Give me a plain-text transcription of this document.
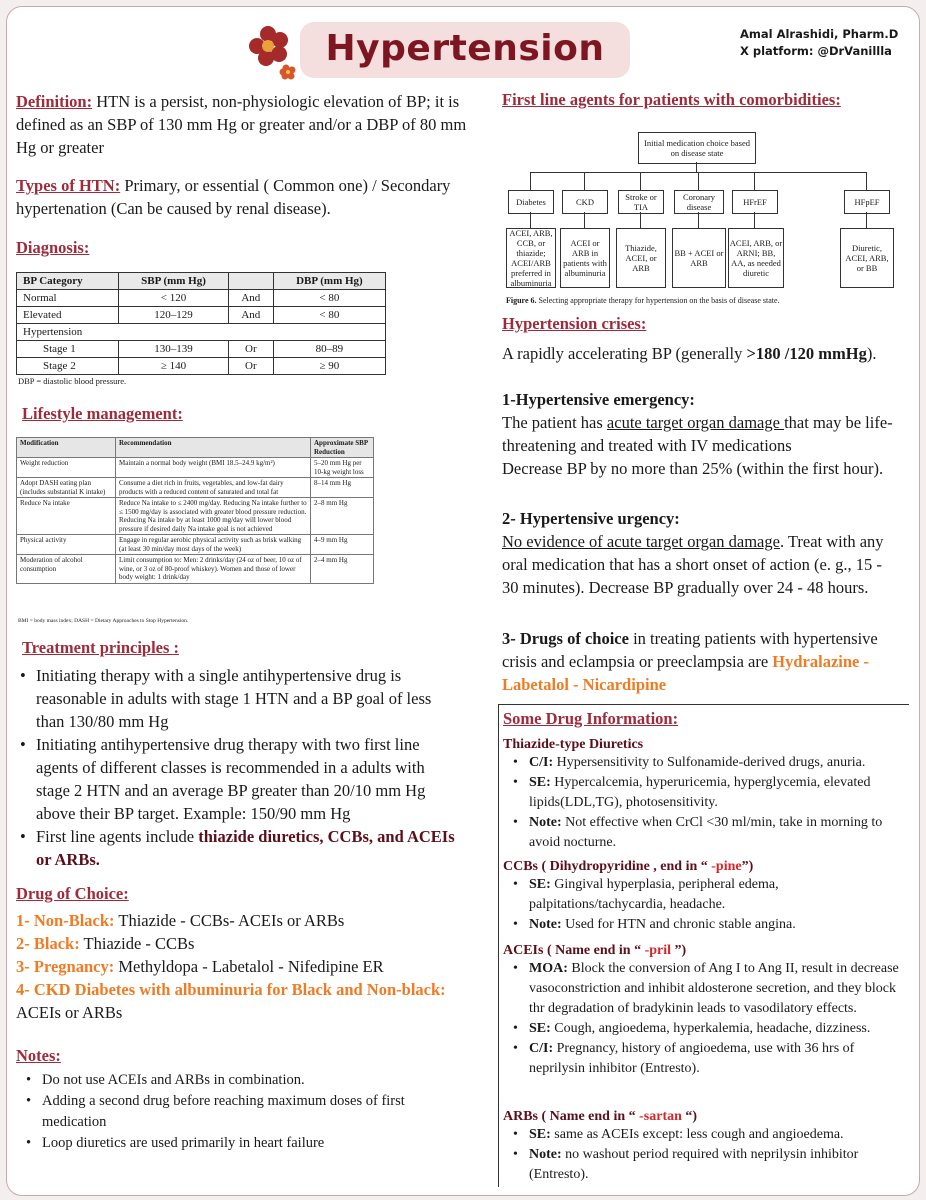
Hypertension	Amal Alrashidi, Pharm.D
X platform: @DrVanillla
Definition: HTN is a persist, non-physiologic elevation of BP; it is defined as an SBP of 130 mm Hg or greater and/or a DBP of 80 mm Hg or greater
Types of HTN: Primary, or essential ( Common one) / Secondary hypertenation (Can be caused by renal disease).
Diagnosis:
BP Category	SBP (mm Hg)		DBP (mm Hg)
Normal	< 120	And	< 80
Elevated	120–129	And	< 80
Hypertension			
Stage 1	130–139	Or	80–89
Stage 2	≥ 140	Or	≥ 90
DBP = diastolic blood pressure.
Lifestyle management:
Modification	Recommendation	Approximate SBP Reduction
Weight reduction	Maintain a normal body weight (BMI 18.5–24.9 kg/m²)	5–20 mm Hg per 10-kg weight loss
Adopt DASH eating plan (includes substantial K intake)	Consume a diet rich in fruits, vegetables, and low-fat dairy products with a reduced content of saturated and total fat	8–14 mm Hg
Reduce Na intake	Reduce Na intake to ≤ 2400 mg/day. Reducing Na intake further to ≤ 1500 mg/day is associated with greater blood pressure reduction. Reducing Na intake by at least 1000 mg/day will lower blood pressure if desired daily Na intake goal is not achieved	2–8 mm Hg
Physical activity	Engage in regular aerobic physical activity such as brisk walking (at least 30 min/day most days of the week)	4–9 mm Hg
Moderation of alcohol consumption	Limit consumption to: Men: 2 drinks/day (24 oz of beer, 10 oz of wine, or 3 oz of 80-proof whiskey). Women and those of lower body weight: 1 drink/day	2–4 mm Hg
BMI = body mass index; DASH = Dietary Approaches to Stop Hypertension.
Treatment principles :
• Initiating therapy with a single antihypertensive drug is reasonable in adults with stage 1 HTN and a BP goal of less than 130/80 mm Hg
• Initiating antihypertensive drug therapy with two first line agents of different classes is recommended in a adults with stage 2 HTN and an average BP greater than 20/10 mm Hg above their BP target. Example: 150/90 mm Hg
• First line agents include thiazide diuretics, CCBs, and ACEIs or ARBs.
Drug of Choice:
1- Non-Black: Thiazide - CCBs- ACEIs or ARBs
2- Black: Thiazide - CCBs
3- Pregnancy: Methyldopa - Labetalol - Nifedipine ER
4- CKD Diabetes with albuminuria for Black and Non-black: ACEIs or ARBs
Notes:
• Do not use ACEIs and ARBs in combination.
• Adding a second drug before reaching maximum doses of first medication
• Loop diuretics are used primarily in heart failure
First line agents for patients with comorbidities:
Initial medication choice based on disease state
Diabetes	CKD	Stroke or TIA
Coronary disease	HFrEF	HFpEF
ACEI, ARB, CCB, or thiazide; ACEI/ARB preferred in albuminuria
ACEI or ARB in patients with albuminuria
Thiazide, ACEI, or ARB
BB + ACEI or ARB
ACEI, ARB, or ARNI; BB, AA, as needed diuretic
Diuretic, ACEI, ARB, or BB
Figure 6. Selecting appropriate therapy for hypertension on the basis of disease state.
Hypertension crises:
A rapidly accelerating BP (generally >180 /120 mmHg).
1-Hypertensive emergency:
The patient has acute target organ damage that may be life-threatening and treated with IV medications
Decrease BP by no more than 25% (within the first hour).
2- Hypertensive urgency:
No evidence of acute target organ damage. Treat with any oral medication that has a short onset of action (e. g., 15 - 30 minutes). Decrease BP gradually over 24 - 48 hours.
3- Drugs of choice in treating patients with hypertensive crisis and eclampsia or preeclampsia are Hydralazine - Labetalol - Nicardipine
Some Drug Information:
Thiazide-type Diuretics
• C/I: Hypersensitivity to Sulfonamide-derived drugs, anuria.
• SE: Hypercalcemia, hyperuricemia, hyperglycemia, elevated lipids(LDL,TG), photosensitivity.
• Note: Not effective when CrCl <30 ml/min, take in morning to avoid nocturne.
CCBs ( Dihydropyridine , end in “ -pine”)
• SE: Gingival hyperplasia, peripheral edema, palpitations/tachycardia, headache.
• Note: Used for HTN and chronic stable angina.
ACEIs ( Name end in “ -pril ”)
• MOA: Block the conversion of Ang I to Ang II, result in decrease vasoconstriction and inhibit aldosterone secretion, and they block thr degradation of bradykinin leads to vasodilatory effects.
• SE: Cough, angioedema, hyperkalemia, headache, dizziness.
• C/I: Pregnancy, history of angioedema, use with 36 hrs of neprilysin inhibitor (Entresto).
ARBs ( Name end in “ -sartan “)
• SE: same as ACEIs except: less cough and angioedema.
• Note: no washout period required with neprilysin inhibitor (Entresto).
